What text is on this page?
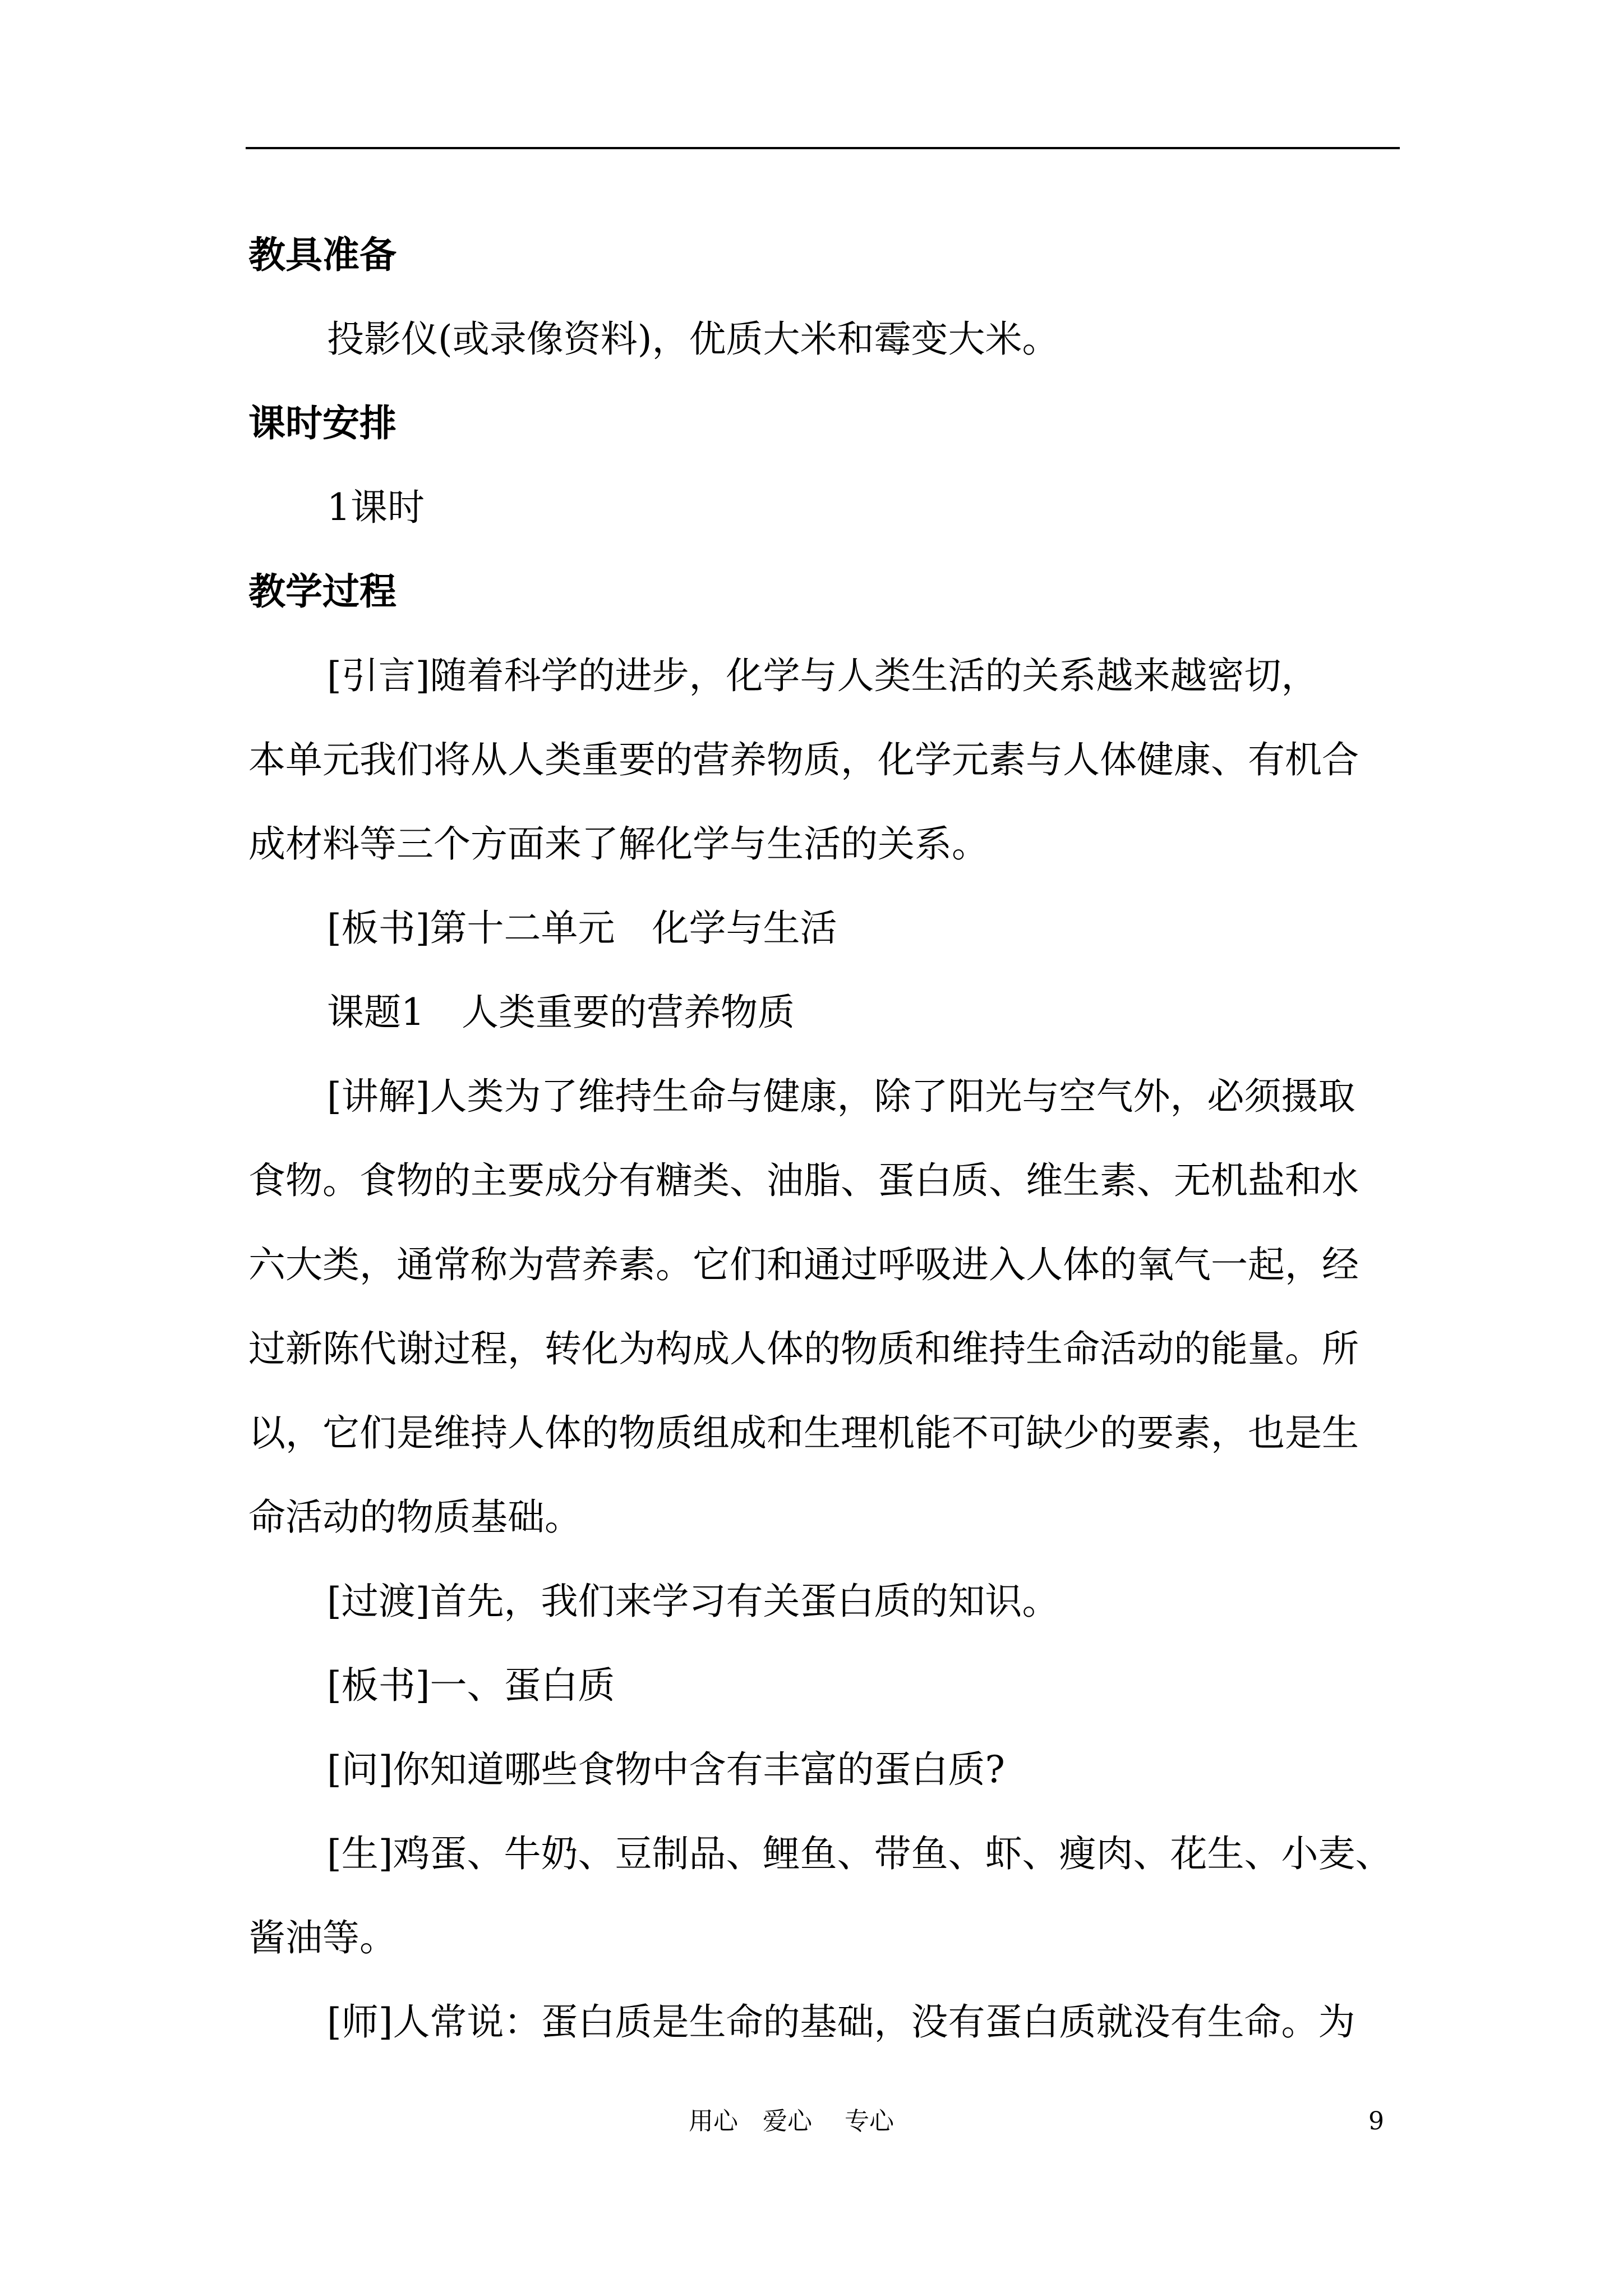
教具准备
投影仪(或录像资料)，优质大米和霉变大米。
课时安排
1课时
教学过程
[引言]随着科学的进步，化学与人类生活的关系越来越密切，
本单元我们将从人类重要的营养物质，化学元素与人体健康、有机合
成材料等三个方面来了解化学与生活的关系。
[板书]第十二单元　化学与生活
课题1　人类重要的营养物质
[讲解]人类为了维持生命与健康，除了阳光与空气外，必须摄取
食物。食物的主要成分有糖类、油脂、蛋白质、维生素、无机盐和水
六大类，通常称为营养素。它们和通过呼吸进入人体的氧气一起，经
过新陈代谢过程，转化为构成人体的物质和维持生命活动的能量。所
以，它们是维持人体的物质组成和生理机能不可缺少的要素，也是生
命活动的物质基础。
[过渡]首先，我们来学习有关蛋白质的知识。
[板书]一、蛋白质
[问]你知道哪些食物中含有丰富的蛋白质?
[生]鸡蛋、牛奶、豆制品、鲤鱼、带鱼、虾、瘦肉、花生、小麦、
酱油等。
[师]人常说：蛋白质是生命的基础，没有蛋白质就没有生命。为
用心　爱心　 专心	9
